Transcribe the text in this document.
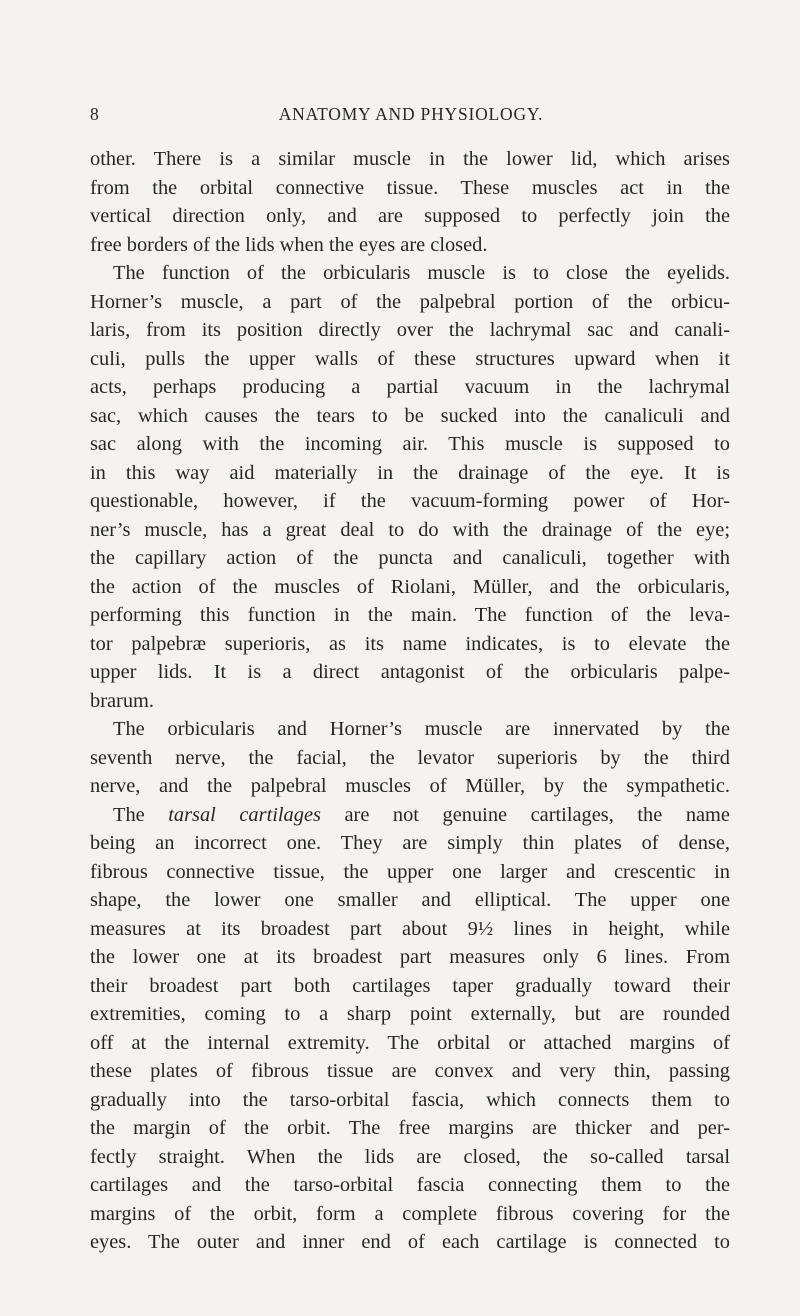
8	ANATOMY AND PHYSIOLOGY.
other. There is a similar muscle in the lower lid, which arises
from the orbital connective tissue. These muscles act in the
vertical direction only, and are supposed to perfectly join the
free borders of the lids when the eyes are closed.
The function of the orbicularis muscle is to close the eyelids.
Horner’s muscle, a part of the palpebral portion of the orbicu-
laris, from its position directly over the lachrymal sac and canali-
culi, pulls the upper walls of these structures upward when it
acts, perhaps producing a partial vacuum in the lachrymal
sac, which causes the tears to be sucked into the canaliculi and
sac along with the incoming air. This muscle is supposed to
in this way aid materially in the drainage of the eye. It is
questionable, however, if the vacuum-forming power of Hor-
ner’s muscle, has a great deal to do with the drainage of the eye;
the capillary action of the puncta and canaliculi, together with
the action of the muscles of Riolani, Müller, and the orbicularis,
performing this function in the main. The function of the leva-
tor palpebræ superioris, as its name indicates, is to elevate the
upper lids. It is a direct antagonist of the orbicularis palpe-
brarum.
The orbicularis and Horner’s muscle are innervated by the
seventh nerve, the facial, the levator superioris by the third
nerve, and the palpebral muscles of Müller, by the sympathetic.
The tarsal cartilages are not genuine cartilages, the name
being an incorrect one. They are simply thin plates of dense,
fibrous connective tissue, the upper one larger and crescentic in
shape, the lower one smaller and elliptical. The upper one
measures at its broadest part about 9½ lines in height, while
the lower one at its broadest part measures only 6 lines. From
their broadest part both cartilages taper gradually toward their
extremities, coming to a sharp point externally, but are rounded
off at the internal extremity. The orbital or attached margins of
these plates of fibrous tissue are convex and very thin, passing
gradually into the tarso-orbital fascia, which connects them to
the margin of the orbit. The free margins are thicker and per-
fectly straight. When the lids are closed, the so-called tarsal
cartilages and the tarso-orbital fascia connecting them to the
margins of the orbit, form a complete fibrous covering for the
eyes. The outer and inner end of each cartilage is connected to
